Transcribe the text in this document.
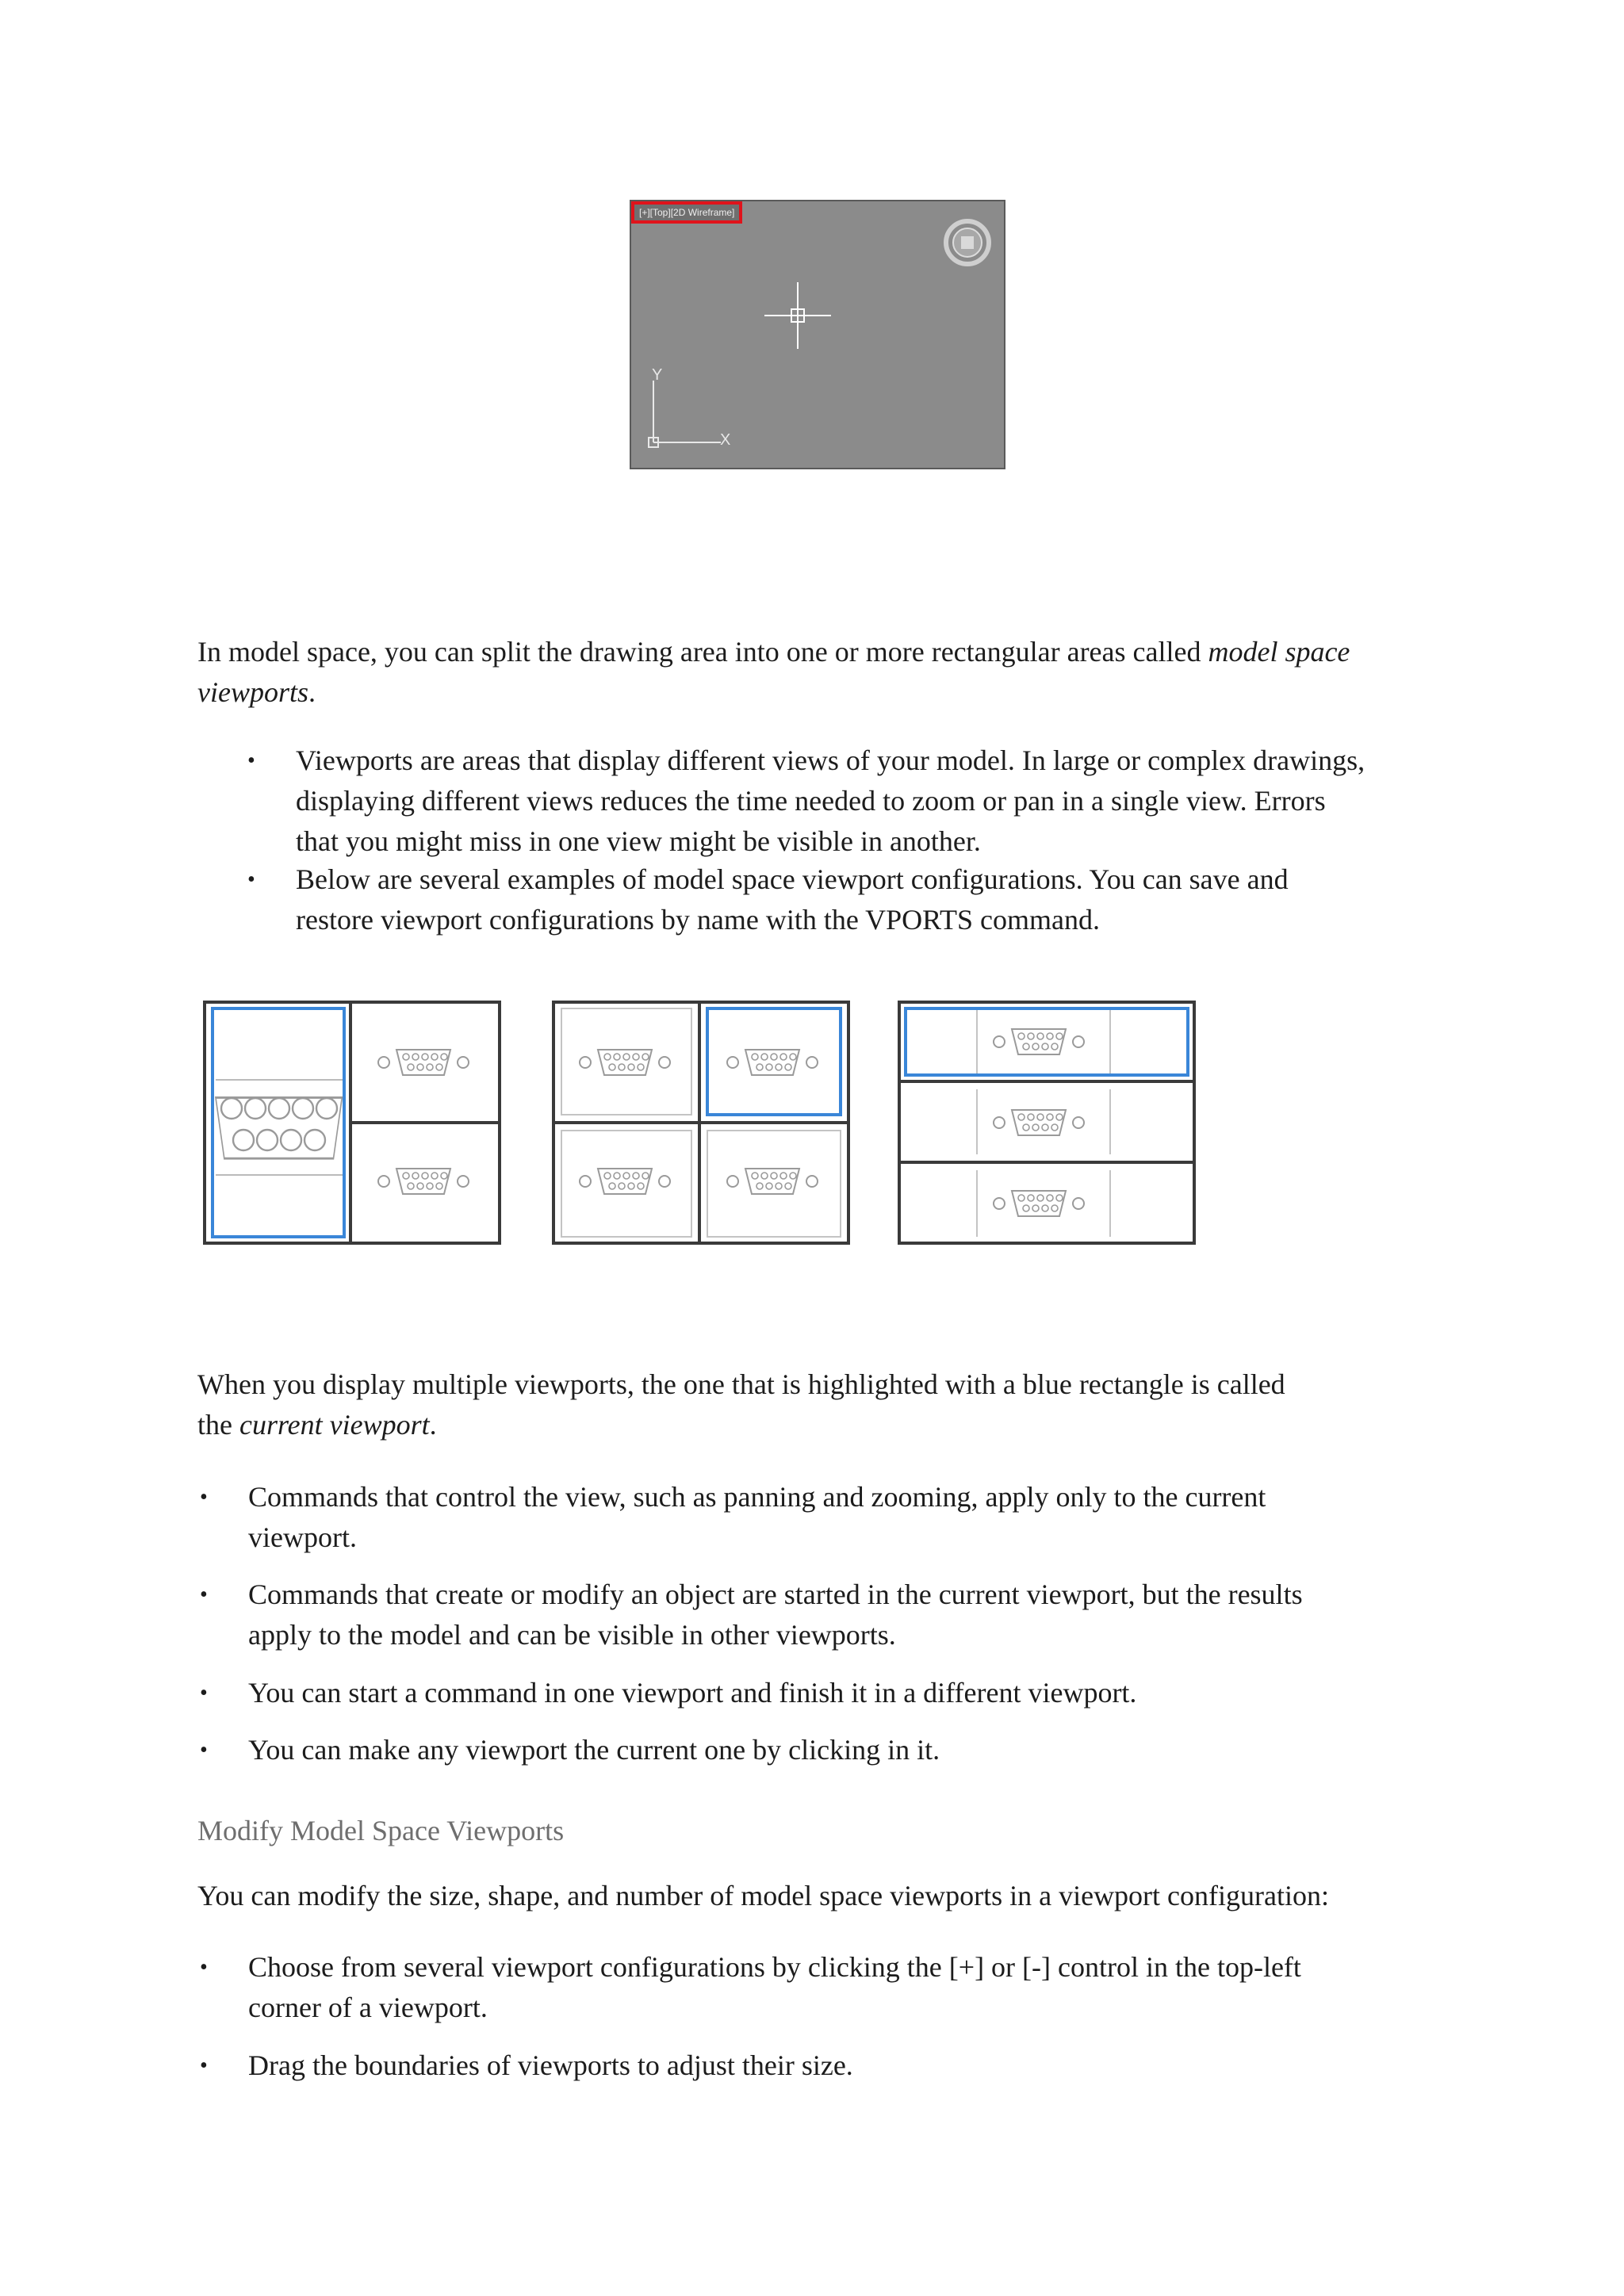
[+][Top][2D Wireframe]
Y
X

In model space, you can split the drawing area into one or more rectangular areas called model space viewports.

• Viewports are areas that display different views of your model. In large or complex drawings,
displaying different views reduces the time needed to zoom or pan in a single view. Errors
that you might miss in one view might be visible in another.
• Below are several examples of model space viewport configurations. You can save and
restore viewport configurations by name with the VPORTS command.

When you display multiple viewports, the one that is highlighted with a blue rectangle is called
the current viewport.

• Commands that control the view, such as panning and zooming, apply only to the current
viewport.
• Commands that create or modify an object are started in the current viewport, but the results
apply to the model and can be visible in other viewports.
• You can start a command in one viewport and finish it in a different viewport.
• You can make any viewport the current one by clicking in it.
Modify Model Space Viewports

You can modify the size, shape, and number of model space viewports in a viewport configuration:

• Choose from several viewport configurations by clicking the [+] or [-] control in the top-left
corner of a viewport.
• Drag the boundaries of viewports to adjust their size.
